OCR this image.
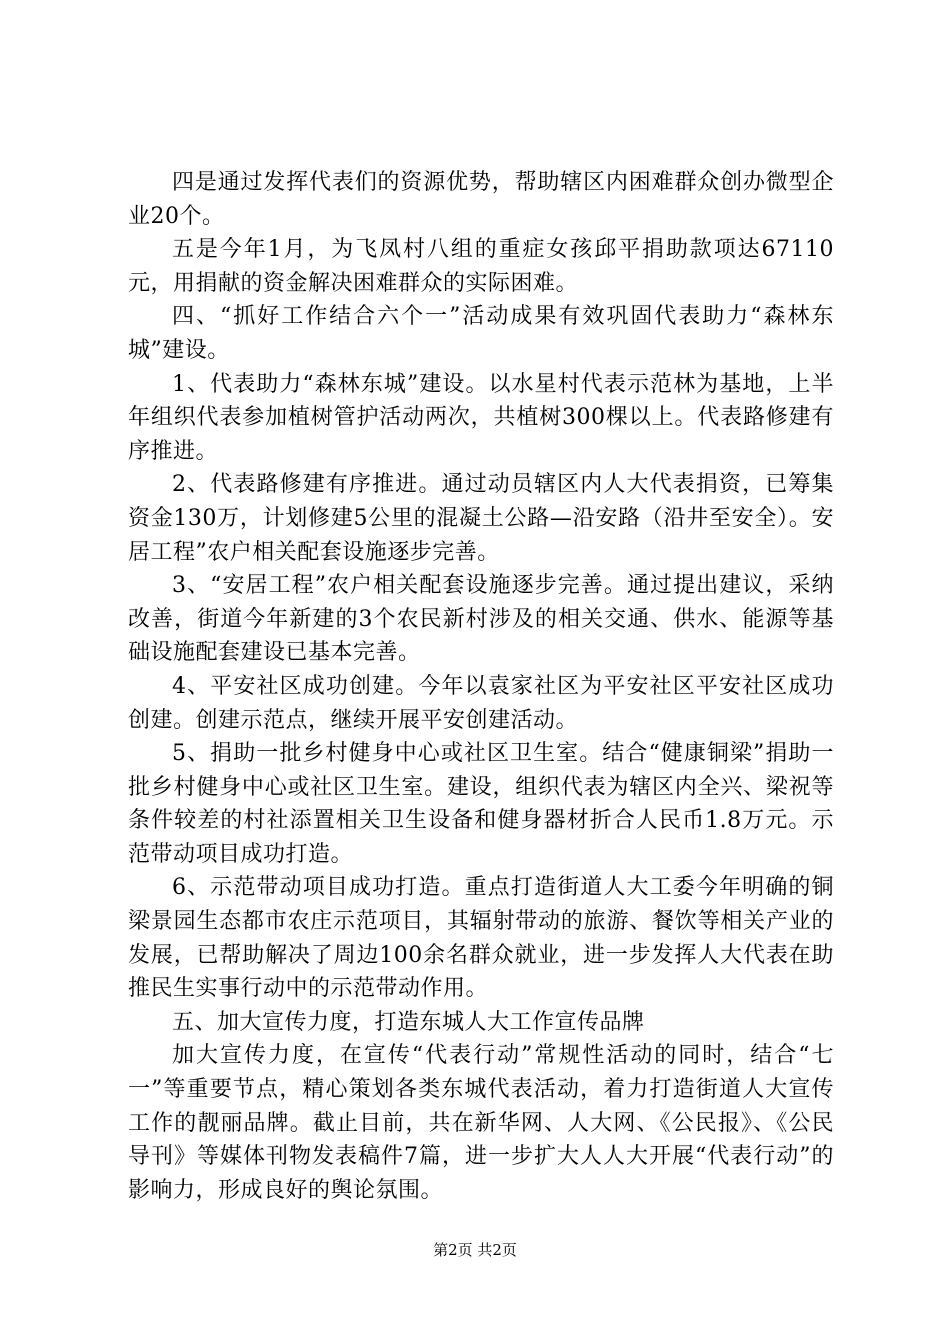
四是通过发挥代表们的资源优势，帮助辖区内困难群众创办微型企业20个。

五是今年1月，为飞凤村八组的重症女孩邱平捐助款项达67110元，用捐献的资金解决困难群众的实际困难。

四、“抓好工作结合六个一”活动成果有效巩固代表助力“森林东城”建设。

1、代表助力“森林东城”建设。以水星村代表示范林为基地，上半年组织代表参加植树管护活动两次，共植树300棵以上。代表路修建有序推进。

2、代表路修建有序推进。通过动员辖区内人大代表捐资，已筹集资金130万，计划修建5公里的混凝土公路—沿安路（沿井至安全）。安居工程”农户相关配套设施逐步完善。

3、“安居工程”农户相关配套设施逐步完善。通过提出建议，采纳改善，街道今年新建的3个农民新村涉及的相关交通、供水、能源等基础设施配套建设已基本完善。

4、平安社区成功创建。今年以袁家社区为平安社区平安社区成功创建。创建示范点，继续开展平安创建活动。

5、捐助一批乡村健身中心或社区卫生室。结合“健康铜梁”捐助一批乡村健身中心或社区卫生室。建设，组织代表为辖区内全兴、梁祝等条件较差的村社添置相关卫生设备和健身器材折合人民币1.8万元。示范带动项目成功打造。

6、示范带动项目成功打造。重点打造街道人大工委今年明确的铜梁景园生态都市农庄示范项目，其辐射带动的旅游、餐饮等相关产业的发展，已帮助解决了周边100余名群众就业，进一步发挥人大代表在助推民生实事行动中的示范带动作用。

五、加大宣传力度，打造东城人大工作宣传品牌

加大宣传力度，在宣传“代表行动”常规性活动的同时，结合“七一”等重要节点，精心策划各类东城代表活动，着力打造街道人大宣传工作的靓丽品牌。截止目前，共在新华网、人大网、《公民报》、《公民导刊》等媒体刊物发表稿件7篇，进一步扩大人人大开展“代表行动”的影响力，形成良好的舆论氛围。

第2页 共2页
